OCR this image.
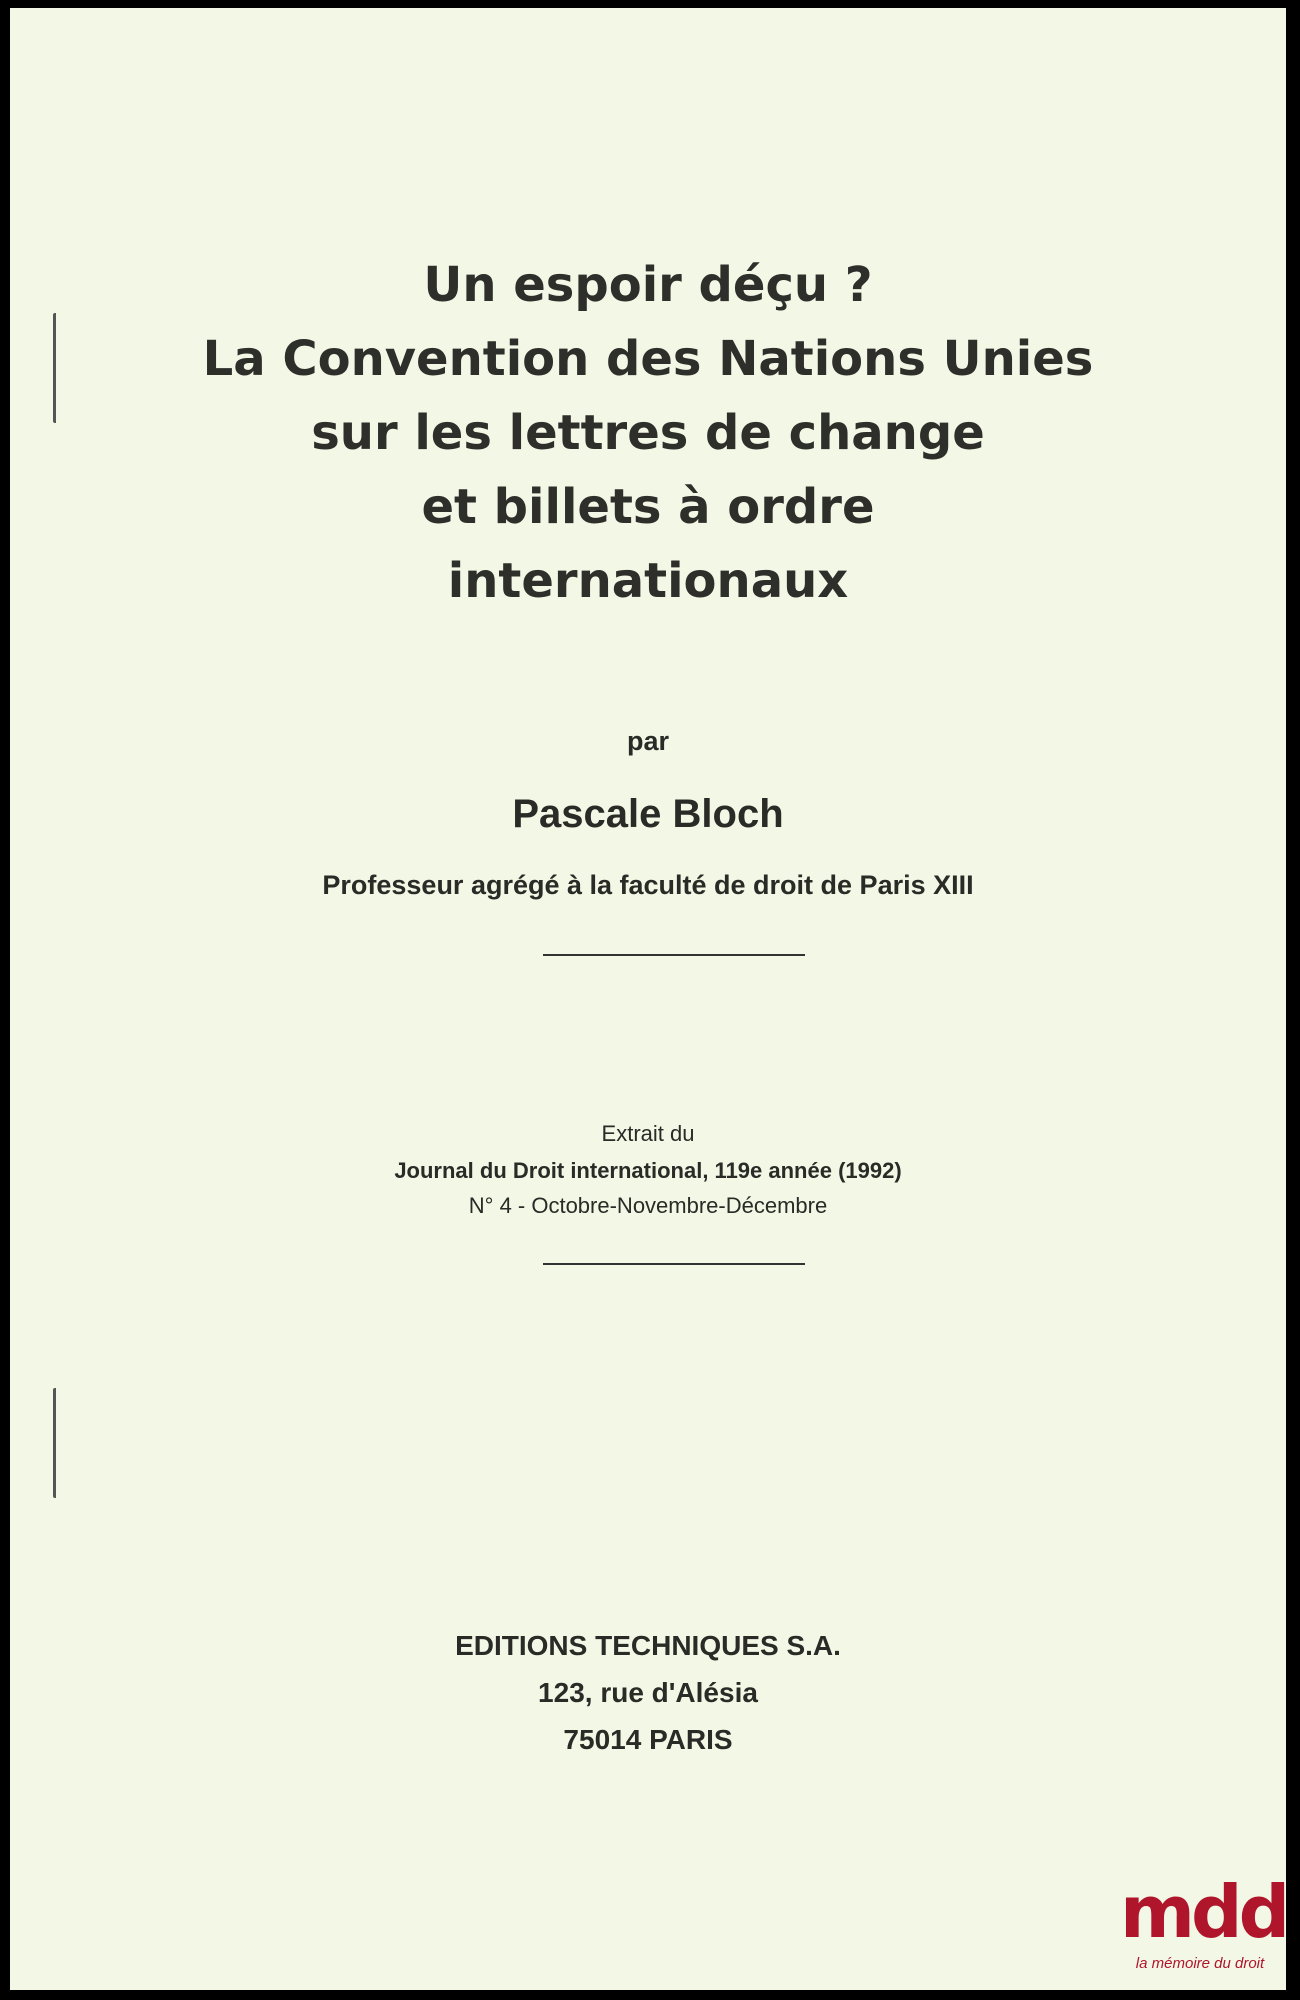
Un espoir déçu ?
La Convention des Nations Unies
sur les lettres de change
et billets à ordre
internationaux
par
Pascale Bloch
Professeur agrégé à la faculté de droit de Paris XIII
Extrait du
Journal du Droit international, 119e année (1992)
N° 4 - Octobre-Novembre-Décembre
EDITIONS TECHNIQUES S.A.
123, rue d'Alésia
75014 PARIS
mdd
la mémoire du droit
